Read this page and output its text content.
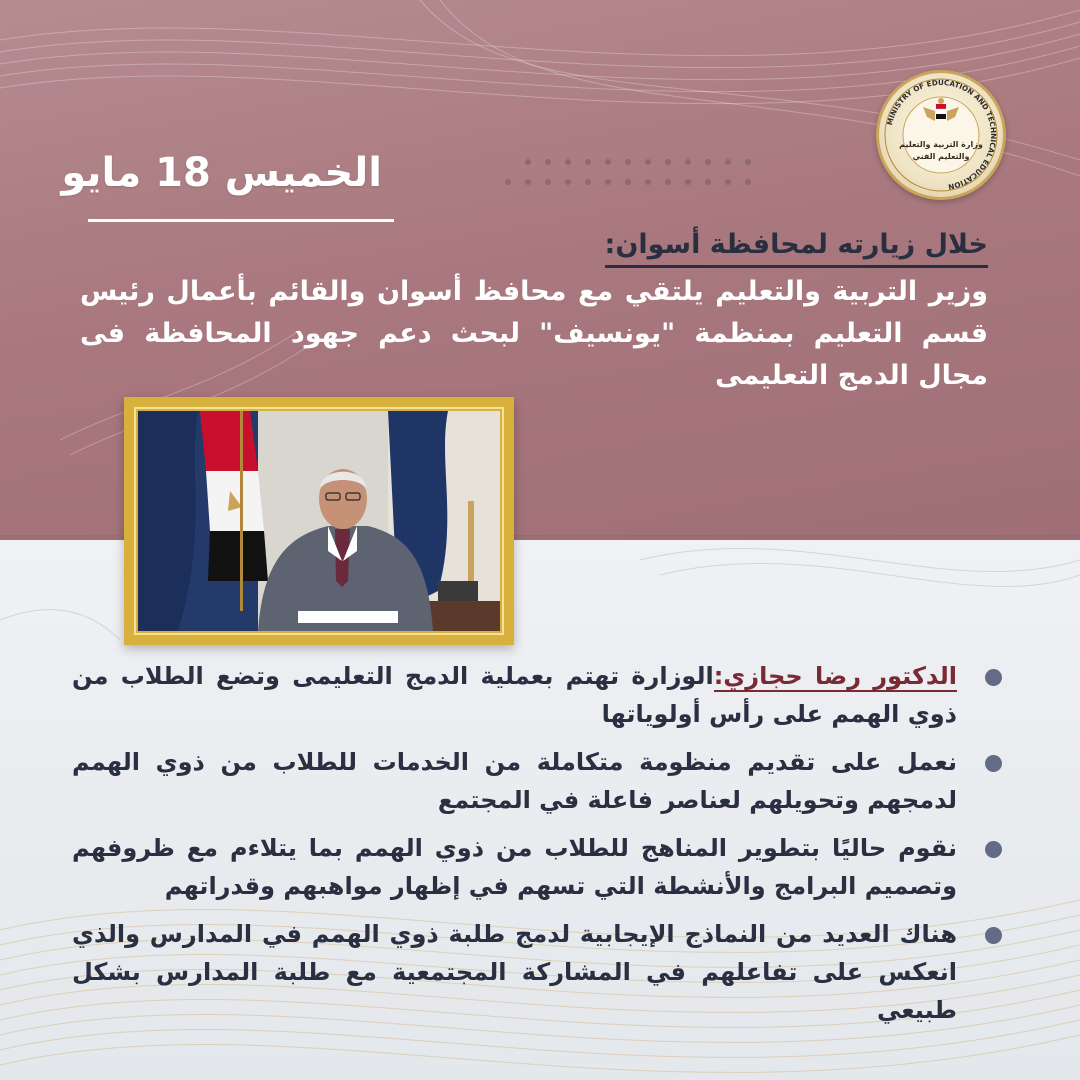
MINISTRY OF EDUCATION AND TECHNICAL EDUCATION
وزارة التربية والتعليم
والتعليم الفني
الخميس 18 مايو
خلال زيارته لمحافظة أسوان:
وزير التربية والتعليم يلتقي مع محافظ أسوان والقائم بأعمال رئيس قسم التعليم بمنظمة "يونسيف" لبحث دعم جهود المحافظة فى مجال الدمج التعليمى
الدكتور رضا حجازي:الوزارة تهتم بعملية الدمج التعليمى وتضع الطلاب من ذوي الهمم على رأس أولوياتها
نعمل على تقديم منظومة متكاملة من الخدمات للطلاب من ذوي الهمم لدمجهم وتحويلهم لعناصر فاعلة في المجتمع
نقوم حاليًا بتطوير المناهج للطلاب من ذوي الهمم بما يتلاءم مع ظروفهم وتصميم البرامج والأنشطة التي تسهم في إظهار مواهبهم وقدراتهم
هناك العديد من النماذج الإيجابية لدمج طلبة ذوي الهمم في المدارس والذي انعكس على تفاعلهم في المشاركة المجتمعية مع طلبة المدارس بشكل طبيعي
